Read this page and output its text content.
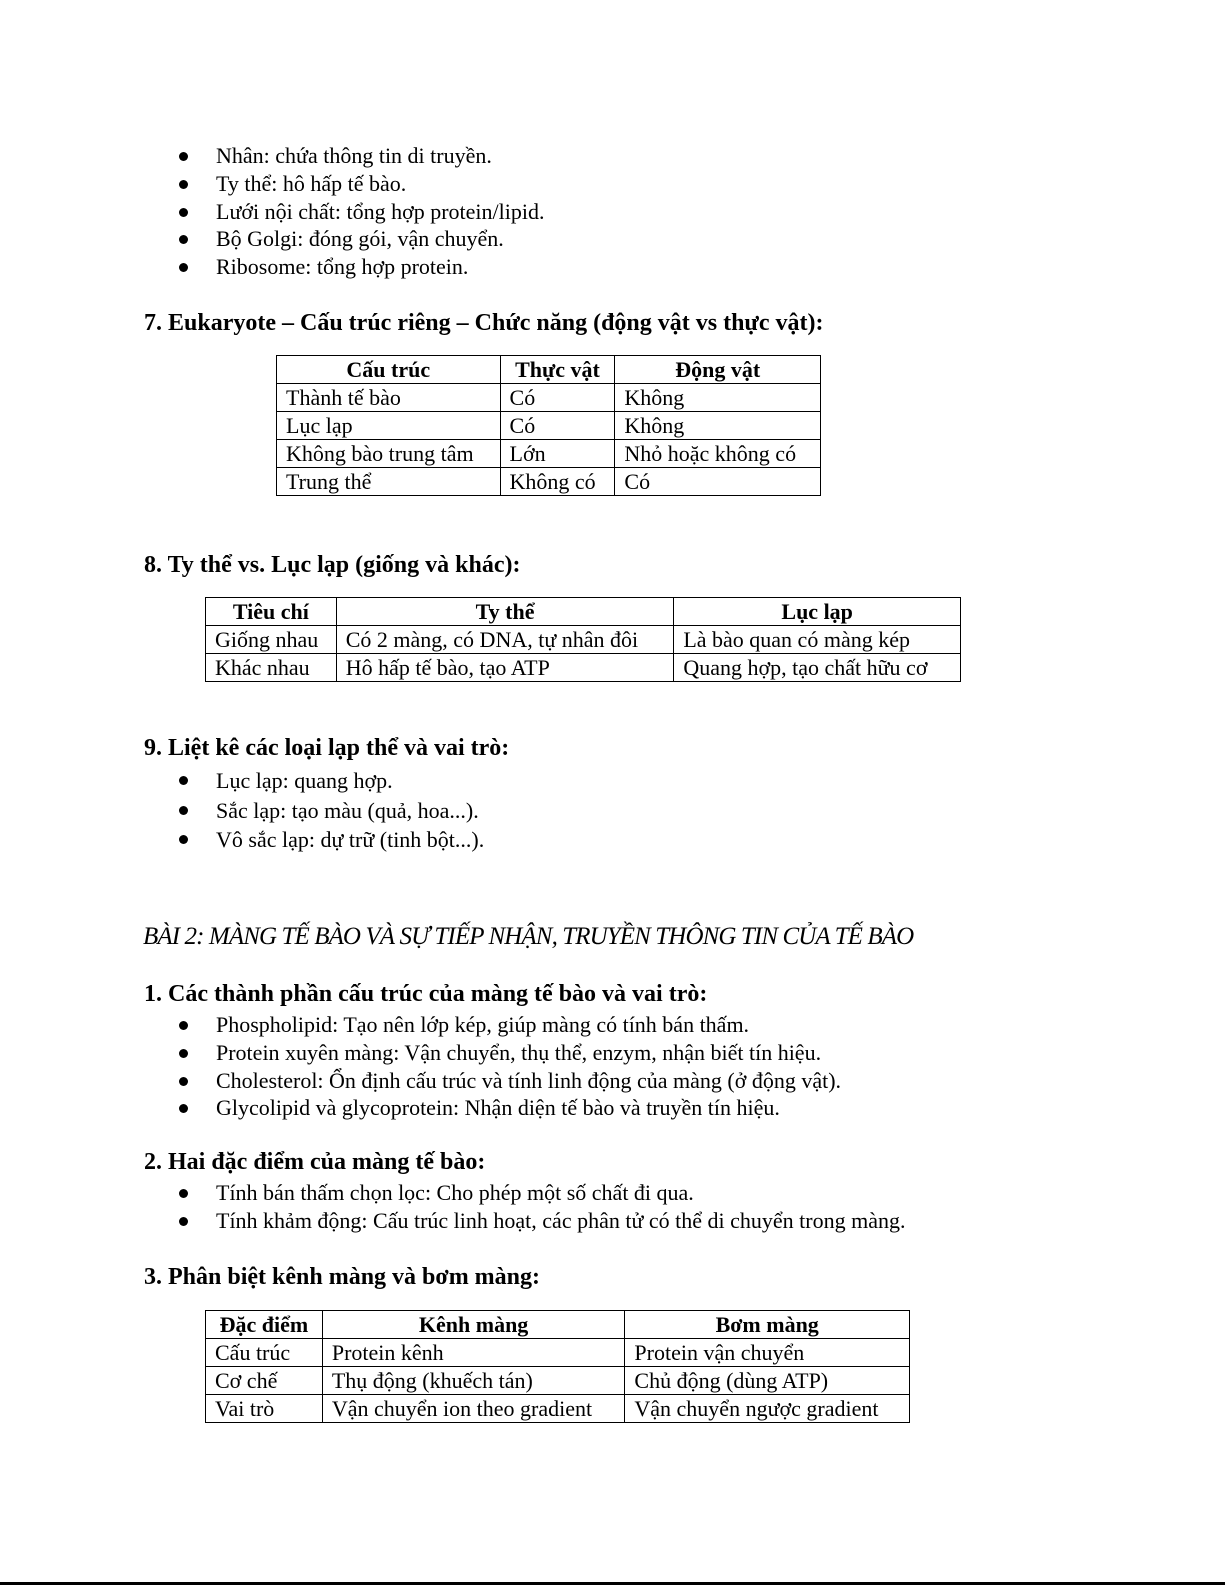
Nhân: chứa thông tin di truyền.
Ty thể: hô hấp tế bào.
Lưới nội chất: tổng hợp protein/lipid.
Bộ Golgi: đóng gói, vận chuyển.
Ribosome: tổng hợp protein.
7. Eukaryote – Cấu trúc riêng – Chức năng (động vật vs thực vật):
Cấu trúc	Thực vật	Động vật
Thành tế bào	Có	Không
Lục lạp	Có	Không
Không bào trung tâm	Lớn	Nhỏ hoặc không có
Trung thể	Không có	Có
8. Ty thể vs. Lục lạp (giống và khác):
Tiêu chí	Ty thể	Lục lạp
Giống nhau	Có 2 màng, có DNA, tự nhân đôi	Là bào quan có màng kép
Khác nhau	Hô hấp tế bào, tạo ATP	Quang hợp, tạo chất hữu cơ
9. Liệt kê các loại lạp thể và vai trò:
Lục lạp: quang hợp.
Sắc lạp: tạo màu (quả, hoa...).
Vô sắc lạp: dự trữ (tinh bột...).
BÀI 2: MÀNG TẾ BÀO VÀ SỰ TIẾP NHẬN, TRUYỀN THÔNG TIN CỦA TẾ BÀO
1. Các thành phần cấu trúc của màng tế bào và vai trò:
Phospholipid: Tạo nên lớp kép, giúp màng có tính bán thấm.
Protein xuyên màng: Vận chuyển, thụ thể, enzym, nhận biết tín hiệu.
Cholesterol: Ổn định cấu trúc và tính linh động của màng (ở động vật).
Glycolipid và glycoprotein: Nhận diện tế bào và truyền tín hiệu.
2. Hai đặc điểm của màng tế bào:
Tính bán thấm chọn lọc: Cho phép một số chất đi qua.
Tính khảm động: Cấu trúc linh hoạt, các phân tử có thể di chuyển trong màng.
3. Phân biệt kênh màng và bơm màng:
Đặc điểm	Kênh màng	Bơm màng
Cấu trúc	Protein kênh	Protein vận chuyển
Cơ chế	Thụ động (khuếch tán)	Chủ động (dùng ATP)
Vai trò	Vận chuyển ion theo gradient	Vận chuyển ngược gradient
